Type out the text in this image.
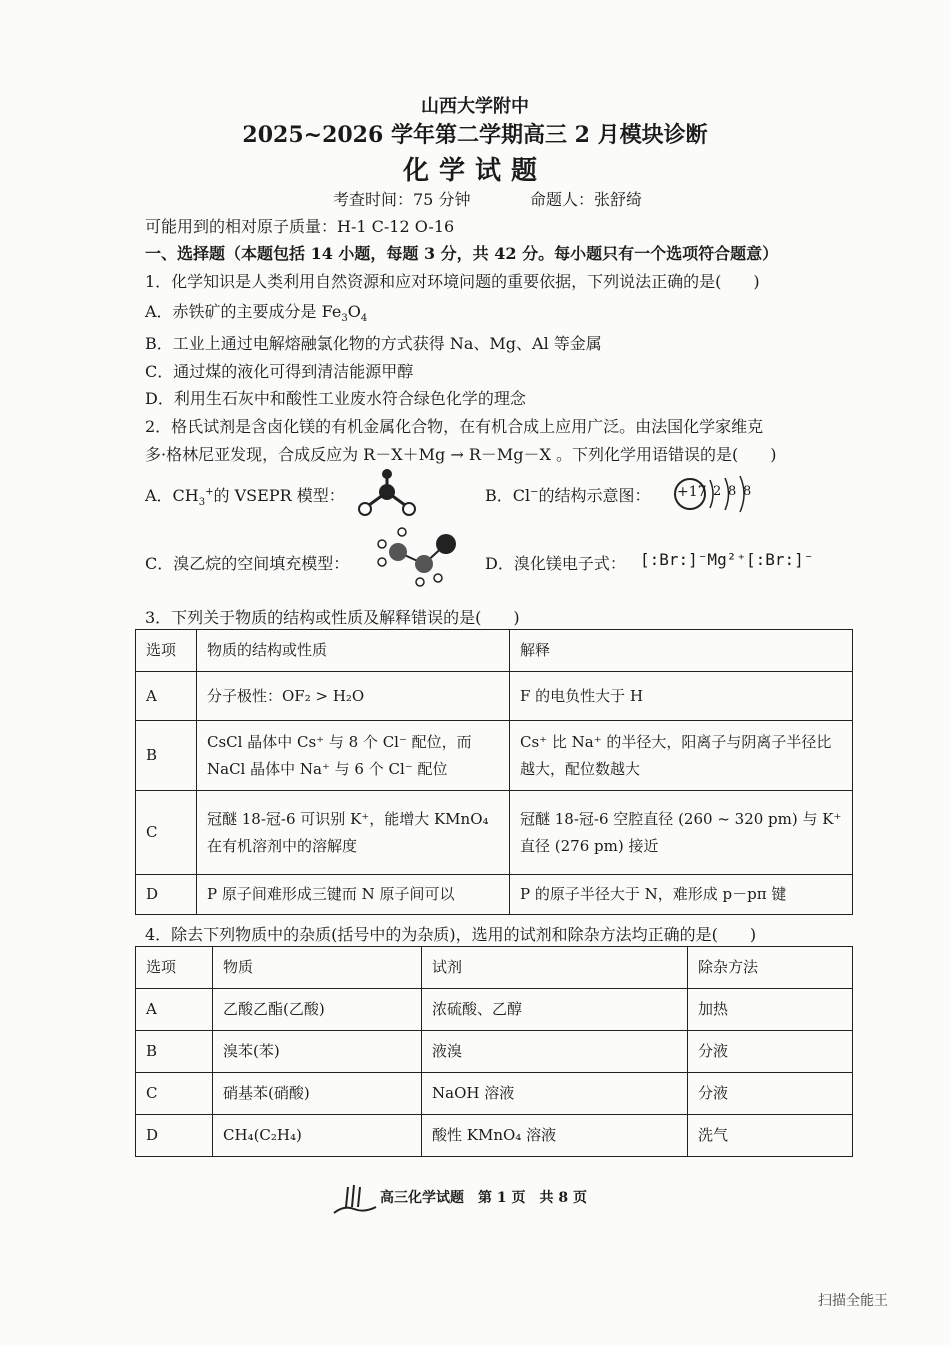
山西大学附中
2025~2026 学年第二学期高三 2 月模块诊断
化学试题
考查时间：75 分钟	命题人：张舒绮
可能用到的相对原子质量：H-1 C-12 O-16
一、选择题（本题包括 14 小题，每题 3 分，共 42 分。每小题只有一个选项符合题意）
1．化学知识是人类利用自然资源和应对环境问题的重要依据，下列说法正确的是(　　)
A．赤铁矿的主要成分是 $Fe_3O_4$
B．工业上通过电解熔融氯化物的方式获得 Na、Mg、Al 等金属
C．通过煤的液化可得到清洁能源甲醇
D．利用生石灰中和酸性工业废水符合绿色化学的理念
2．格氏试剂是含卤化镁的有机金属化合物，在有机合成上应用广泛。由法国化学家维克
多·格林尼亚发现，合成反应为 R－X＋Mg → R－Mg－X 。下列化学用语错误的是(　　)
A．$CH_3^+$的 VSEPR 模型：	B．Cl−的结构示意图： +17 2 8 8
C．溴乙烷的空间填充模型：	D．溴化镁电子式： [:Br:]⁻Mg²⁺[:Br:]⁻
3．下列关于物质的结构或性质及解释错误的是(　　)
选项	物质的结构或性质	解释
A	分子极性：OF₂ > H₂O	F 的电负性大于 H
B	CsCl 晶体中 Cs⁺ 与 8 个 Cl⁻ 配位，而 NaCl 晶体中 Na⁺ 与 6 个 Cl⁻ 配位	Cs⁺ 比 Na⁺ 的半径大，阳离子与阴离子半径比越大，配位数越大
C	冠醚 18-冠-6 可识别 K⁺，能增大 KMnO₄ 在有机溶剂中的溶解度	冠醚 18-冠-6 空腔直径 (260 ~ 320 pm) 与 K⁺ 直径 (276 pm) 接近
D	P 原子间难形成三键而 N 原子间可以	P 的原子半径大于 N，难形成 p－pπ 键
4．除去下列物质中的杂质(括号中的为杂质)，选用的试剂和除杂方法均正确的是(　　)
选项	物质	试剂	除杂方法
A	乙酸乙酯(乙酸)	浓硫酸、乙醇	加热
B	溴苯(苯)	液溴	分液
C	硝基苯(硝酸)	NaOH 溶液	分液
D	CH₄(C₂H₄)	酸性 KMnO₄ 溶液	洗气
高三化学试题　第 1 页　共 8 页
扫描全能王
